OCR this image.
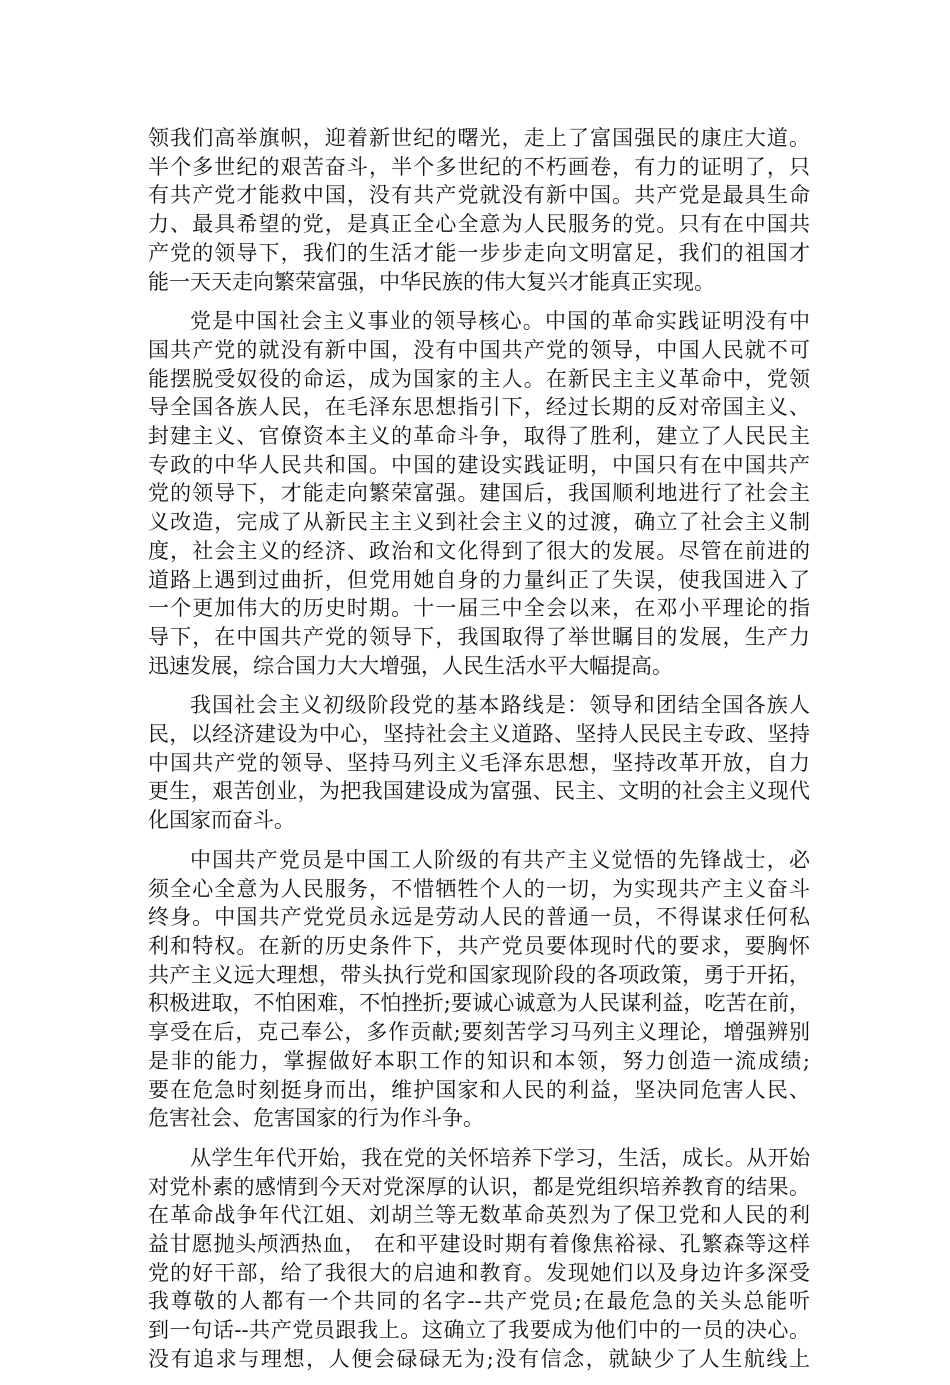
领我们高举旗帜，迎着新世纪的曙光，走上了富国强民的康庄大道。
半个多世纪的艰苦奋斗，半个多世纪的不朽画卷，有力的证明了，只
有共产党才能救中国，没有共产党就没有新中国。共产党是最具生命
力、最具希望的党，是真正全心全意为人民服务的党。只有在中国共
产党的领导下，我们的生活才能一步步走向文明富足，我们的祖国才
能一天天走向繁荣富强，中华民族的伟大复兴才能真正实现。
党是中国社会主义事业的领导核心。中国的革命实践证明没有中
国共产党的就没有新中国，没有中国共产党的领导，中国人民就不可
能摆脱受奴役的命运，成为国家的主人。在新民主主义革命中，党领
导全国各族人民，在毛泽东思想指引下，经过长期的反对帝国主义、
封建主义、官僚资本主义的革命斗争，取得了胜利，建立了人民民主
专政的中华人民共和国。中国的建设实践证明，中国只有在中国共产
党的领导下，才能走向繁荣富强。建国后，我国顺利地进行了社会主
义改造，完成了从新民主主义到社会主义的过渡，确立了社会主义制
度，社会主义的经济、政治和文化得到了很大的发展。尽管在前进的
道路上遇到过曲折，但党用她自身的力量纠正了失误，使我国进入了
一个更加伟大的历史时期。十一届三中全会以来，在邓小平理论的指
导下，在中国共产党的领导下，我国取得了举世瞩目的发展，生产力
迅速发展，综合国力大大增强，人民生活水平大幅提高。
我国社会主义初级阶段党的基本路线是：领导和团结全国各族人
民，以经济建设为中心，坚持社会主义道路、坚持人民民主专政、坚持
中国共产党的领导、坚持马列主义毛泽东思想，坚持改革开放，自力
更生，艰苦创业，为把我国建设成为富强、民主、文明的社会主义现代
化国家而奋斗。
中国共产党员是中国工人阶级的有共产主义觉悟的先锋战士，必
须全心全意为人民服务，不惜牺牲个人的一切，为实现共产主义奋斗
终身。中国共产党党员永远是劳动人民的普通一员，不得谋求任何私
利和特权。在新的历史条件下，共产党员要体现时代的要求，要胸怀
共产主义远大理想，带头执行党和国家现阶段的各项政策，勇于开拓，
积极进取，不怕困难，不怕挫折;要诚心诚意为人民谋利益，吃苦在前，
享受在后，克己奉公，多作贡献;要刻苦学习马列主义理论，增强辨别
是非的能力，掌握做好本职工作的知识和本领，努力创造一流成绩;
要在危急时刻挺身而出，维护国家和人民的利益，坚决同危害人民、
危害社会、危害国家的行为作斗争。
从学生年代开始，我在党的关怀培养下学习，生活，成长。从开始
对党朴素的感情到今天对党深厚的认识，都是党组织培养教育的结果。
在革命战争年代江姐、刘胡兰等无数革命英烈为了保卫党和人民的利
益甘愿抛头颅洒热血， 在和平建设时期有着像焦裕禄、孔繁森等这样
党的好干部，给了我很大的启迪和教育。发现她们以及身边许多深受
我尊敬的人都有一个共同的名字--共产党员;在最危急的关头总能听
到一句话--共产党员跟我上。这确立了我要成为他们中的一员的决心。
没有追求与理想，人便会碌碌无为;没有信念，就缺少了人生航线上
